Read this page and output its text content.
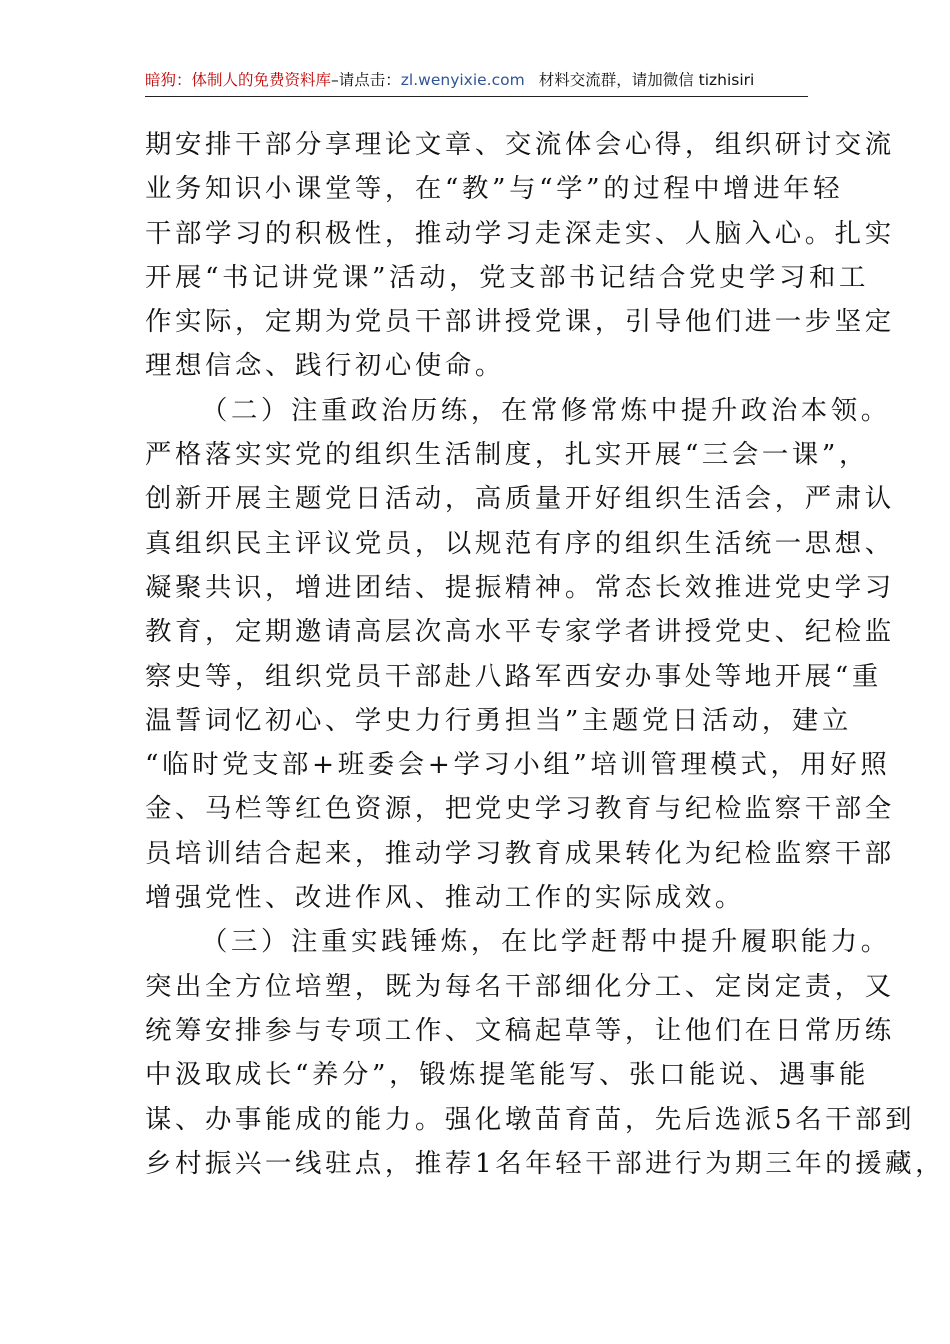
暗狗：体制人的免费资料库–请点击：zl.wenyixie.com 材料交流群，请加微信 tizhisiri
期安排干部分享理论文章、交流体会心得，组织研讨交流
业务知识小课堂等，在“教”与“学”的过程中增进年轻
干部学习的积极性，推动学习走深走实、人脑入心。扎实
开展“书记讲党课”活动，党支部书记结合党史学习和工
作实际，定期为党员干部讲授党课，引导他们进一步坚定
理想信念、践行初心使命。
（二）注重政治历练，在常修常炼中提升政治本领。
严格落实实党的组织生活制度，扎实开展“三会一课”，
创新开展主题党日活动，高质量开好组织生活会，严肃认
真组织民主评议党员，以规范有序的组织生活统一思想、
凝聚共识，增进团结、提振精神。常态长效推进党史学习
教育，定期邀请高层次高水平专家学者讲授党史、纪检监
察史等，组织党员干部赴八路军西安办事处等地开展“重
温誓词忆初心、学史力行勇担当”主题党日活动，建立
“临时党支部+班委会+学习小组”培训管理模式，用好照
金、马栏等红色资源，把党史学习教育与纪检监察干部全
员培训结合起来，推动学习教育成果转化为纪检监察干部
增强党性、改进作风、推动工作的实际成效。
（三）注重实践锤炼，在比学赶帮中提升履职能力。
突出全方位培塑，既为每名干部细化分工、定岗定责，又
统筹安排参与专项工作、文稿起草等，让他们在日常历练
中汲取成长“养分”，锻炼提笔能写、张口能说、遇事能
谋、办事能成的能力。强化墩苗育苗，先后选派5名干部到
乡村振兴一线驻点，推荐1名年轻干部进行为期三年的援藏，
